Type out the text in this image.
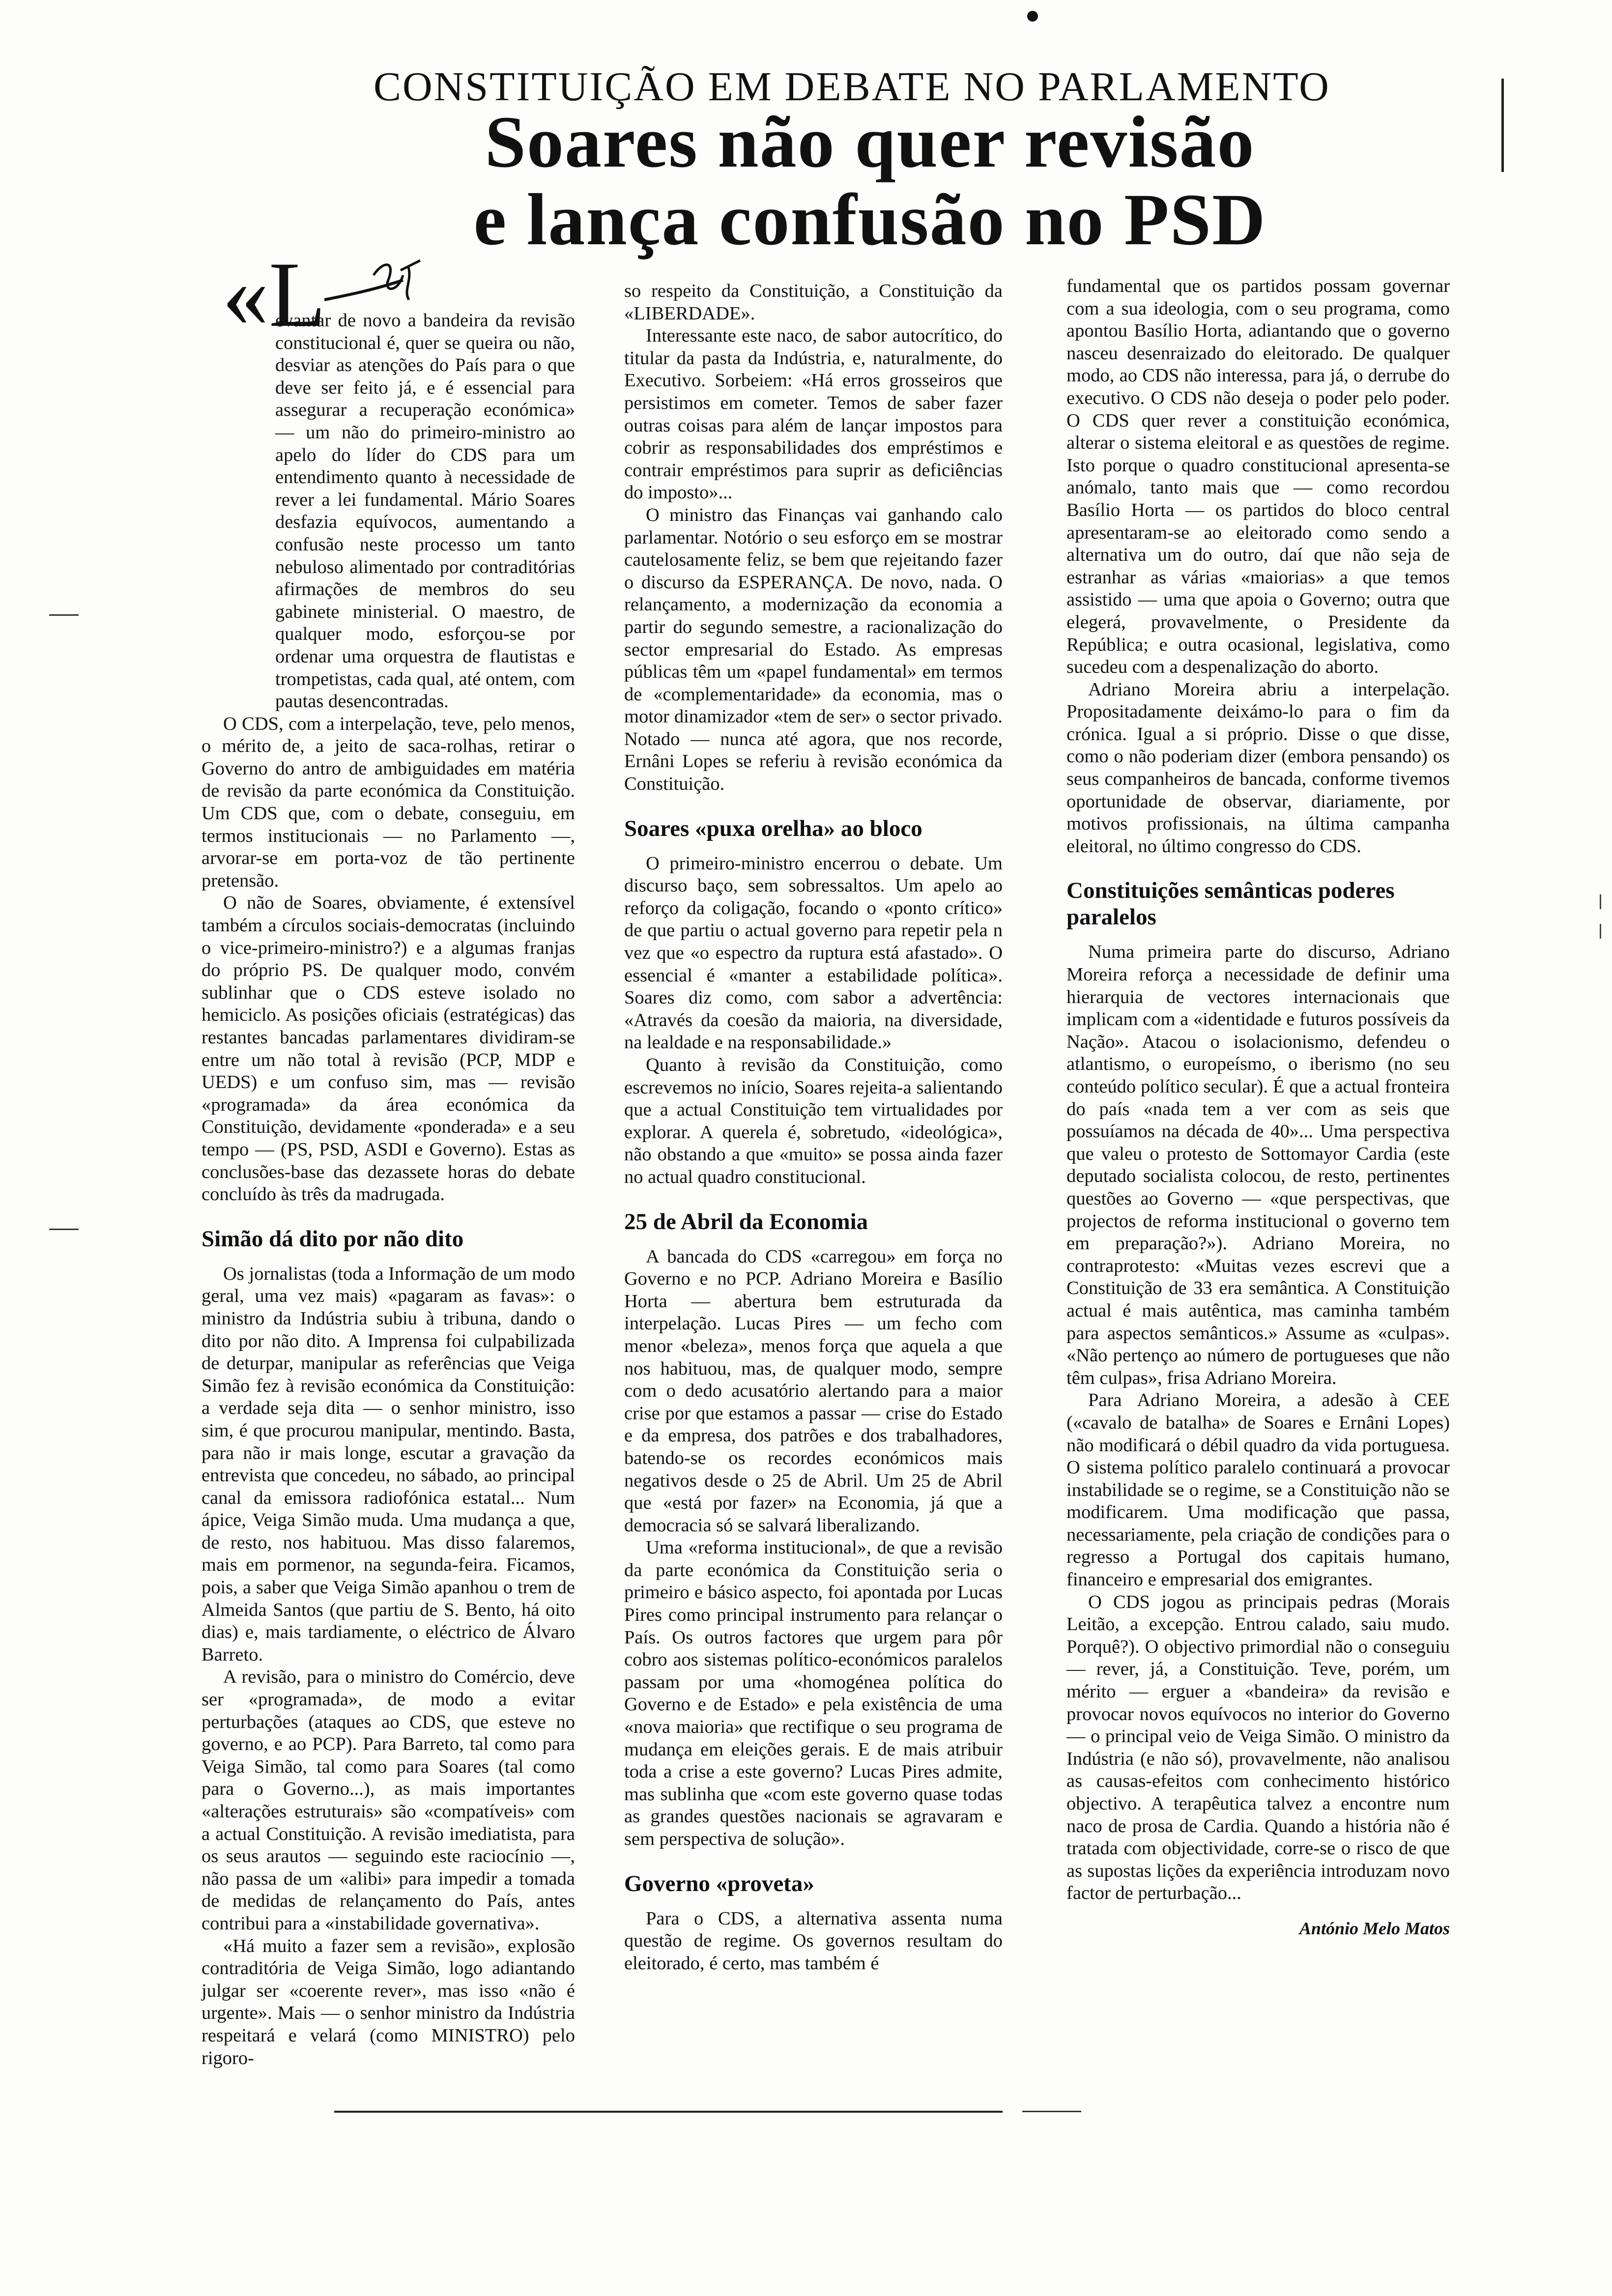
CONSTITUIÇÃO EM DEBATE NO PARLAMENTO
Soares não quer revisão
e lança confusão no PSD
«L

evantar de novo a bandeira da revisão constitucional é, quer se queira ou não, desviar as atenções do País para o que deve ser feito já, e é essencial para assegurar a recuperação económica» — um não do primeiro-ministro ao apelo do líder do CDS para um entendimento quanto à necessidade de rever a lei fundamental. Mário Soares desfazia equívocos, aumentando a confusão neste processo um tanto nebuloso alimentado por contraditórias afirmações de membros do seu gabinete ministerial. O maestro, de qualquer modo, esforçou-se por ordenar uma orquestra de flautistas e trompetistas, cada qual, até ontem, com pautas desencontradas.

O CDS, com a interpelação, teve, pelo menos, o mérito de, a jeito de saca-rolhas, retirar o Governo do antro de ambiguidades em matéria de revisão da parte económica da Constituição. Um CDS que, com o debate, conseguiu, em termos institucionais — no Parlamento —, arvorar-se em porta-voz de tão pertinente pretensão.

O não de Soares, obviamente, é extensível também a círculos sociais-democratas (incluindo o vice-primeiro-ministro?) e a algumas franjas do próprio PS. De qualquer modo, convém sublinhar que o CDS esteve isolado no hemiciclo. As posições oficiais (estratégicas) das restantes bancadas parlamentares dividiram-se entre um não total à revisão (PCP, MDP e UEDS) e um confuso sim, mas — revisão «programada» da área económica da Constituição, devidamente «ponderada» e a seu tempo — (PS, PSD, ASDI e Governo). Estas as conclusões-base das dezassete horas do debate concluído às três da madrugada.

Simão dá dito por não dito

Os jornalistas (toda a Informação de um modo geral, uma vez mais) «pagaram as favas»: o ministro da Indústria subiu à tribuna, dando o dito por não dito. A Imprensa foi culpabilizada de deturpar, manipular as referências que Veiga Simão fez à revisão económica da Constituição: a verdade seja dita — o senhor ministro, isso sim, é que procurou manipular, mentindo. Basta, para não ir mais longe, escutar a gravação da entrevista que concedeu, no sábado, ao principal canal da emissora radiofónica estatal... Num ápice, Veiga Simão muda. Uma mudança a que, de resto, nos habituou. Mas disso falaremos, mais em pormenor, na segunda-feira. Ficamos, pois, a saber que Veiga Simão apanhou o trem de Almeida Santos (que partiu de S. Bento, há oito dias) e, mais tardiamente, o eléctrico de Álvaro Barreto.

A revisão, para o ministro do Comércio, deve ser «programada», de modo a evitar perturbações (ataques ao CDS, que esteve no governo, e ao PCP). Para Barreto, tal como para Veiga Simão, tal como para Soares (tal como para o Governo...), as mais importantes «alterações estruturais» são «compatíveis» com a actual Constituição. A revisão imediatista, para os seus arautos — seguindo este raciocínio —, não passa de um «alibi» para impedir a tomada de medidas de relançamento do País, antes contribui para a «instabilidade governativa».

«Há muito a fazer sem a revisão», explosão contraditória de Veiga Simão, logo adiantando julgar ser «coerente rever», mas isso «não é urgente». Mais — o senhor ministro da Indústria respeitará e velará (como MINISTRO) pelo rigoro-

so respeito da Constituição, a Constituição da «LIBERDADE».

Interessante este naco, de sabor autocrítico, do titular da pasta da Indústria, e, naturalmente, do Executivo. Sorbeiem: «Há erros grosseiros que persistimos em cometer. Temos de saber fazer outras coisas para além de lançar impostos para cobrir as responsabilidades dos empréstimos e contrair empréstimos para suprir as deficiências do imposto»...

O ministro das Finanças vai ganhando calo parlamentar. Notório o seu esforço em se mostrar cautelosamente feliz, se bem que rejeitando fazer o discurso da ESPERANÇA. De novo, nada. O relançamento, a modernização da economia a partir do segundo semestre, a racionalização do sector empresarial do Estado. As empresas públicas têm um «papel fundamental» em termos de «complementaridade» da economia, mas o motor dinamizador «tem de ser» o sector privado. Notado — nunca até agora, que nos recorde, Ernâni Lopes se referiu à revisão económica da Constituição.

Soares «puxa orelha» ao bloco

O primeiro-ministro encerrou o debate. Um discurso baço, sem sobressaltos. Um apelo ao reforço da coligação, focando o «ponto crítico» de que partiu o actual governo para repetir pela n vez que «o espectro da ruptura está afastado». O essencial é «manter a estabilidade política». Soares diz como, com sabor a advertência: «Através da coesão da maioria, na diversidade, na lealdade e na responsabilidade.»

Quanto à revisão da Constituição, como escrevemos no início, Soares rejeita-a salientando que a actual Constituição tem virtualidades por explorar. A querela é, sobretudo, «ideológica», não obstando a que «muito» se possa ainda fazer no actual quadro constitucional.

25 de Abril da Economia

A bancada do CDS «carregou» em força no Governo e no PCP. Adriano Moreira e Basílio Horta — abertura bem estruturada da interpelação. Lucas Pires — um fecho com menor «beleza», menos força que aquela a que nos habituou, mas, de qualquer modo, sempre com o dedo acusatório alertando para a maior crise por que estamos a passar — crise do Estado e da empresa, dos patrões e dos trabalhadores, batendo-se os recordes económicos mais negativos desde o 25 de Abril. Um 25 de Abril que «está por fazer» na Economia, já que a democracia só se salvará liberalizando.

Uma «reforma institucional», de que a revisão da parte económica da Constituição seria o primeiro e básico aspecto, foi apontada por Lucas Pires como principal instrumento para relançar o País. Os outros factores que urgem para pôr cobro aos sistemas político-económicos paralelos passam por uma «homogénea política do Governo e de Estado» e pela existência de uma «nova maioria» que rectifique o seu programa de mudança em eleições gerais. E de mais atribuir toda a crise a este governo? Lucas Pires admite, mas sublinha que «com este governo quase todas as grandes questões nacionais se agravaram e sem perspectiva de solução».

Governo «proveta»

Para o CDS, a alternativa assenta numa questão de regime. Os governos resultam do eleitorado, é certo, mas também é

fundamental que os partidos possam governar com a sua ideologia, com o seu programa, como apontou Basílio Horta, adiantando que o governo nasceu desenraizado do eleitorado. De qualquer modo, ao CDS não interessa, para já, o derrube do executivo. O CDS não deseja o poder pelo poder. O CDS quer rever a constituição económica, alterar o sistema eleitoral e as questões de regime. Isto porque o quadro constitucional apresenta-se anómalo, tanto mais que — como recordou Basílio Horta — os partidos do bloco central apresentaram-se ao eleitorado como sendo a alternativa um do outro, daí que não seja de estranhar as várias «maiorias» a que temos assistido — uma que apoia o Governo; outra que elegerá, provavelmente, o Presidente da República; e outra ocasional, legislativa, como sucedeu com a despenalização do aborto.

Adriano Moreira abriu a interpelação. Propositadamente deixámo-lo para o fim da crónica. Igual a si próprio. Disse o que disse, como o não poderiam dizer (embora pensando) os seus companheiros de bancada, conforme tivemos oportunidade de observar, diariamente, por motivos profissionais, na última campanha eleitoral, no último congresso do CDS.

Constituições semânticas poderes paralelos

Numa primeira parte do discurso, Adriano Moreira reforça a necessidade de definir uma hierarquia de vectores internacionais que implicam com a «identidade e futuros possíveis da Nação». Atacou o isolacionismo, defendeu o atlantismo, o europeísmo, o iberismo (no seu conteúdo político secular). É que a actual fronteira do país «nada tem a ver com as seis que possuíamos na década de 40»... Uma perspectiva que valeu o protesto de Sottomayor Cardia (este deputado socialista colocou, de resto, pertinentes questões ao Governo — «que perspectivas, que projectos de reforma institucional o governo tem em preparação?»). Adriano Moreira, no contraprotesto: «Muitas vezes escrevi que a Constituição de 33 era semântica. A Constituição actual é mais autêntica, mas caminha também para aspectos semânticos.» Assume as «culpas». «Não pertenço ao número de portugueses que não têm culpas», frisa Adriano Moreira.

Para Adriano Moreira, a adesão à CEE («cavalo de batalha» de Soares e Ernâni Lopes) não modificará o débil quadro da vida portuguesa. O sistema político paralelo continuará a provocar instabilidade se o regime, se a Constituição não se modificarem. Uma modificação que passa, necessariamente, pela criação de condições para o regresso a Portugal dos capitais humano, financeiro e empresarial dos emigrantes.

O CDS jogou as principais pedras (Morais Leitão, a excepção. Entrou calado, saiu mudo. Porquê?). O objectivo primordial não o conseguiu — rever, já, a Constituição. Teve, porém, um mérito — erguer a «bandeira» da revisão e provocar novos equívocos no interior do Governo — o principal veio de Veiga Simão. O ministro da Indústria (e não só), provavelmente, não analisou as causas-efeitos com conhecimento histórico objectivo. A terapêutica talvez a encontre num naco de prosa de Cardia. Quando a história não é tratada com objectividade, corre-se o risco de que as supostas lições da experiência introduzam novo factor de perturbação...

António Melo Matos
